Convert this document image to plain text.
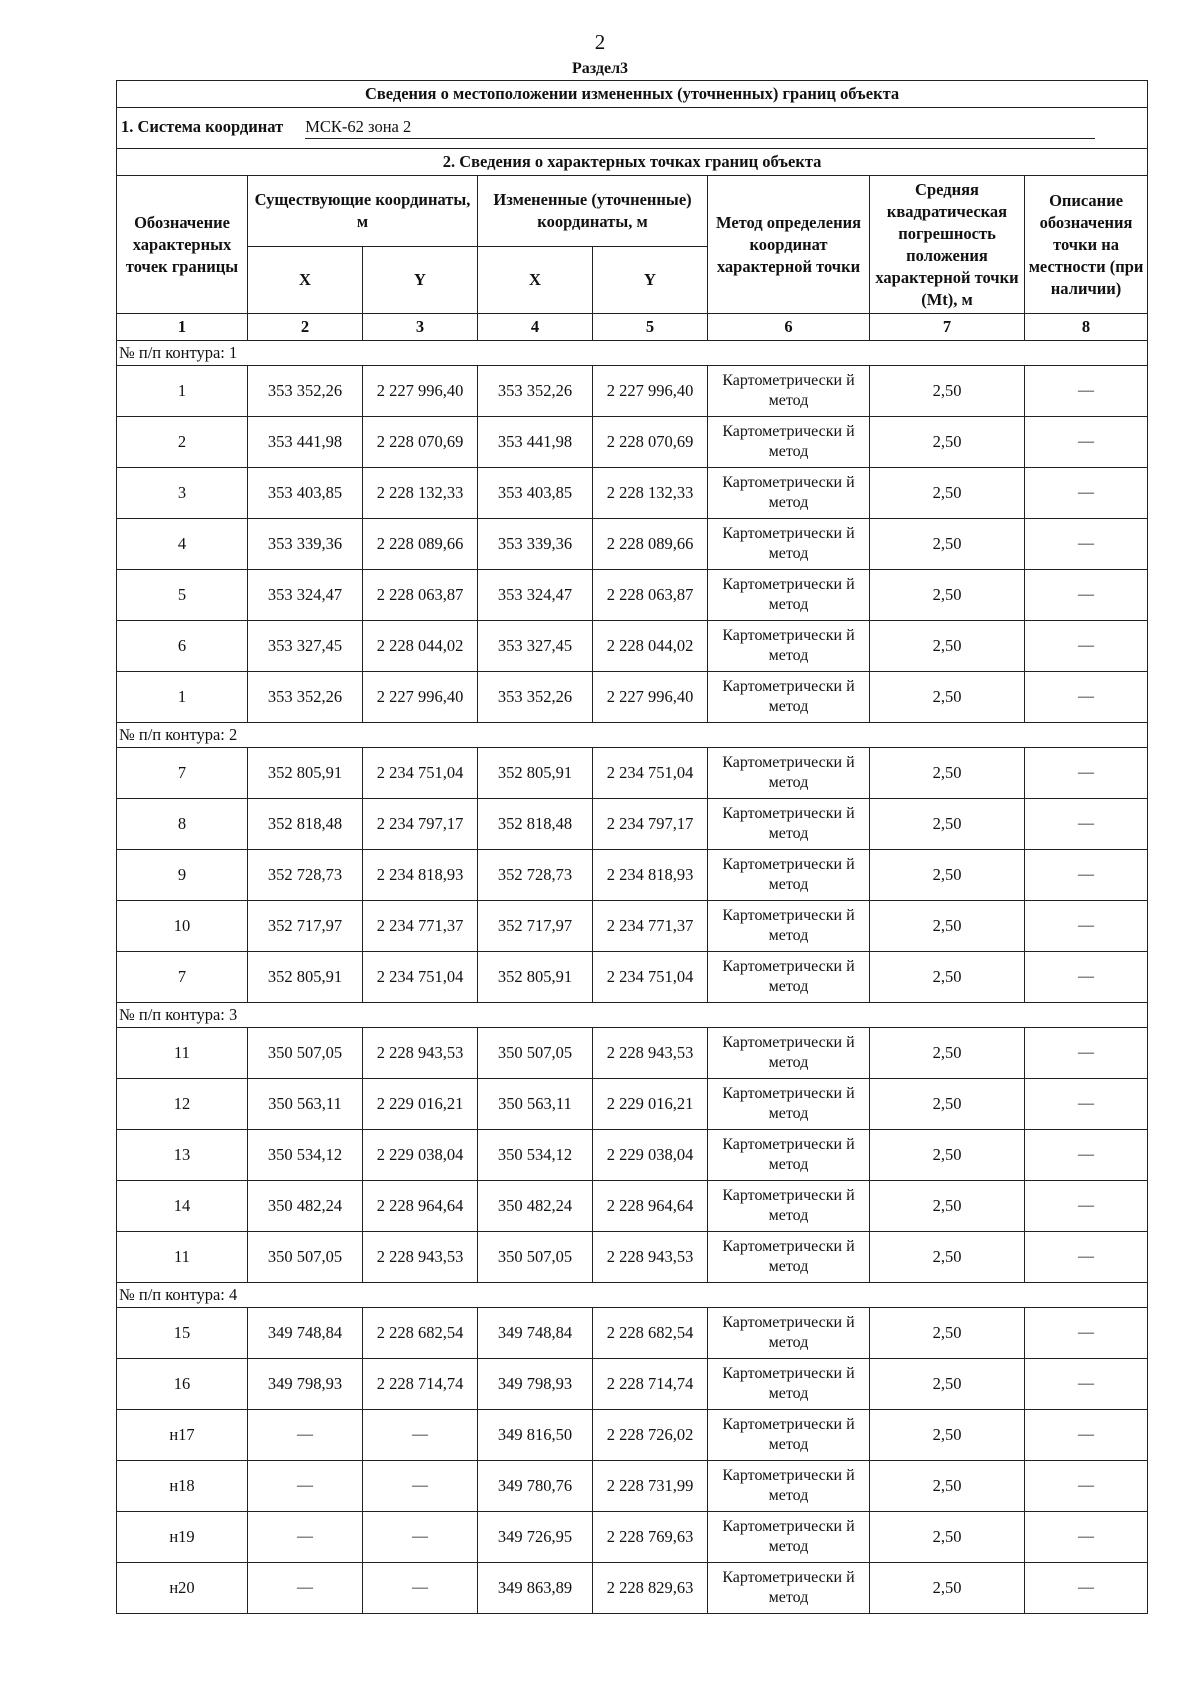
2
Раздел3
Сведения о местоположении измененных (уточненных) границ объекта							
1. Система координат МСК-62 зона 2							
2. Сведения о характерных точках границ объекта							
Обозначение характерных точек границы	Существующие координаты, м		Измененные (уточненные) координаты, м		Метод определения координат характерной точки	Средняя квадратическая погрешность положения характерной точки (Mt), м	Описание обозначения точки на местности (при наличии)
	X	Y	X	Y			
1	2	3	4	5	6	7	8
№ п/п контура: 1							
1	353 352,26	2 227 996,40	353 352,26	2 227 996,40	Картометрически й метод	2,50	—
2	353 441,98	2 228 070,69	353 441,98	2 228 070,69	Картометрически й метод	2,50	—
3	353 403,85	2 228 132,33	353 403,85	2 228 132,33	Картометрически й метод	2,50	—
4	353 339,36	2 228 089,66	353 339,36	2 228 089,66	Картометрически й метод	2,50	—
5	353 324,47	2 228 063,87	353 324,47	2 228 063,87	Картометрически й метод	2,50	—
6	353 327,45	2 228 044,02	353 327,45	2 228 044,02	Картометрически й метод	2,50	—
1	353 352,26	2 227 996,40	353 352,26	2 227 996,40	Картометрически й метод	2,50	—
№ п/п контура: 2							
7	352 805,91	2 234 751,04	352 805,91	2 234 751,04	Картометрически й метод	2,50	—
8	352 818,48	2 234 797,17	352 818,48	2 234 797,17	Картометрически й метод	2,50	—
9	352 728,73	2 234 818,93	352 728,73	2 234 818,93	Картометрически й метод	2,50	—
10	352 717,97	2 234 771,37	352 717,97	2 234 771,37	Картометрически й метод	2,50	—
7	352 805,91	2 234 751,04	352 805,91	2 234 751,04	Картометрически й метод	2,50	—
№ п/п контура: 3							
11	350 507,05	2 228 943,53	350 507,05	2 228 943,53	Картометрически й метод	2,50	—
12	350 563,11	2 229 016,21	350 563,11	2 229 016,21	Картометрически й метод	2,50	—
13	350 534,12	2 229 038,04	350 534,12	2 229 038,04	Картометрически й метод	2,50	—
14	350 482,24	2 228 964,64	350 482,24	2 228 964,64	Картометрически й метод	2,50	—
11	350 507,05	2 228 943,53	350 507,05	2 228 943,53	Картометрически й метод	2,50	—
№ п/п контура: 4							
15	349 748,84	2 228 682,54	349 748,84	2 228 682,54	Картометрически й метод	2,50	—
16	349 798,93	2 228 714,74	349 798,93	2 228 714,74	Картометрически й метод	2,50	—
н17	—	—	349 816,50	2 228 726,02	Картометрически й метод	2,50	—
н18	—	—	349 780,76	2 228 731,99	Картометрически й метод	2,50	—
н19	—	—	349 726,95	2 228 769,63	Картометрически й метод	2,50	—
н20	—	—	349 863,89	2 228 829,63	Картометрически й метод	2,50	—
